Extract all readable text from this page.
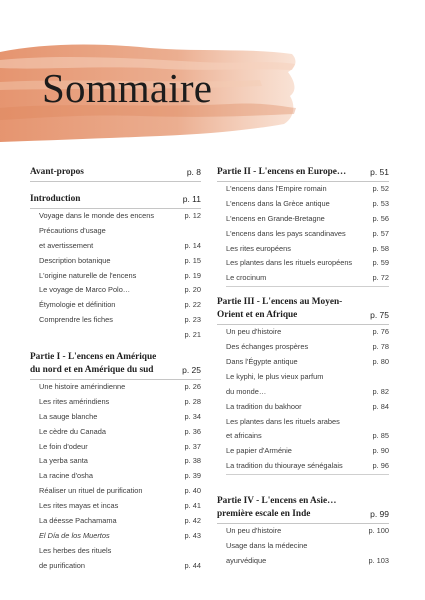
Sommaire
Avant-propos	p. 8
Introduction	p. 11
Voyage dans le monde des encens	p. 12
Précautions d'usage
et avertissement	p. 14
Description botanique	p. 15
L'origine naturelle de l'encens	p. 19
Le voyage de Marco Polo…	p. 20
Étymologie et définition	p. 22
Comprendre les fiches	p. 23
p. 21
Partie I - L'encens en Amérique
du nord et en Amérique du sud	p. 25
Une histoire amérindienne	p. 26
Les rites amérindiens	p. 28
La sauge blanche	p. 34
Le cèdre du Canada	p. 36
Le foin d'odeur	p. 37
La yerba santa	p. 38
La racine d'osha	p. 39
Réaliser un rituel de purification	p. 40
Les rites mayas et incas	p. 41
La déesse Pachamama	p. 42
El Día de los Muertos	p. 43
Les herbes des rituels
de purification	p. 44
Partie II - L'encens en Europe…	p. 51
L'encens dans l'Empire romain	p. 52
L'encens dans la Grèce antique	p. 53
L'encens en Grande-Bretagne	p. 56
L'encens dans les pays scandinaves	p. 57
Les rites européens	p. 58
Les plantes dans les rituels européens	p. 59
Le crocinum	p. 72
Partie III - L'encens au Moyen-
Orient et en Afrique	p. 75
Un peu d'histoire	p. 76
Des échanges prospères	p. 78
Dans l'Égypte antique	p. 80
Le kyphi, le plus vieux parfum
du monde…	p. 82
La tradition du bakhoor	p. 84
Les plantes dans les rituels arabes
et africains	p. 85
Le papier d'Arménie	p. 90
La tradition du thiouraye sénégalais	p. 96
Partie IV - L'encens en Asie…
première escale en Inde	p. 99
Un peu d'histoire	p. 100
Usage dans la médecine
ayurvédique	p. 103
